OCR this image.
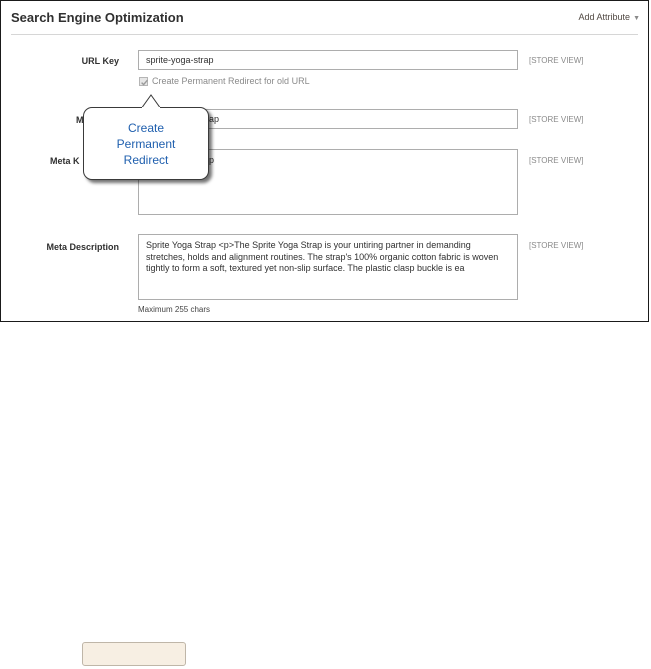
Search Engine Optimization	Add Attribute ▼
URL Key
sprite-yoga-strap	[STORE VIEW]
Create Permanent Redirect for old URL
M	ap	[STORE VIEW]
Meta K	p	[STORE VIEW]
Meta Description	Sprite Yoga Strap <p>The Sprite Yoga Strap is your untiring partner in demanding stretches, holds and alignment routines. The strap's 100% organic cotton fabric is woven tightly to form a soft, textured yet non-slip surface. The plastic clasp buckle is ea
[STORE VIEW]
Maximum 255 chars
Create
Permanent
Redirect
